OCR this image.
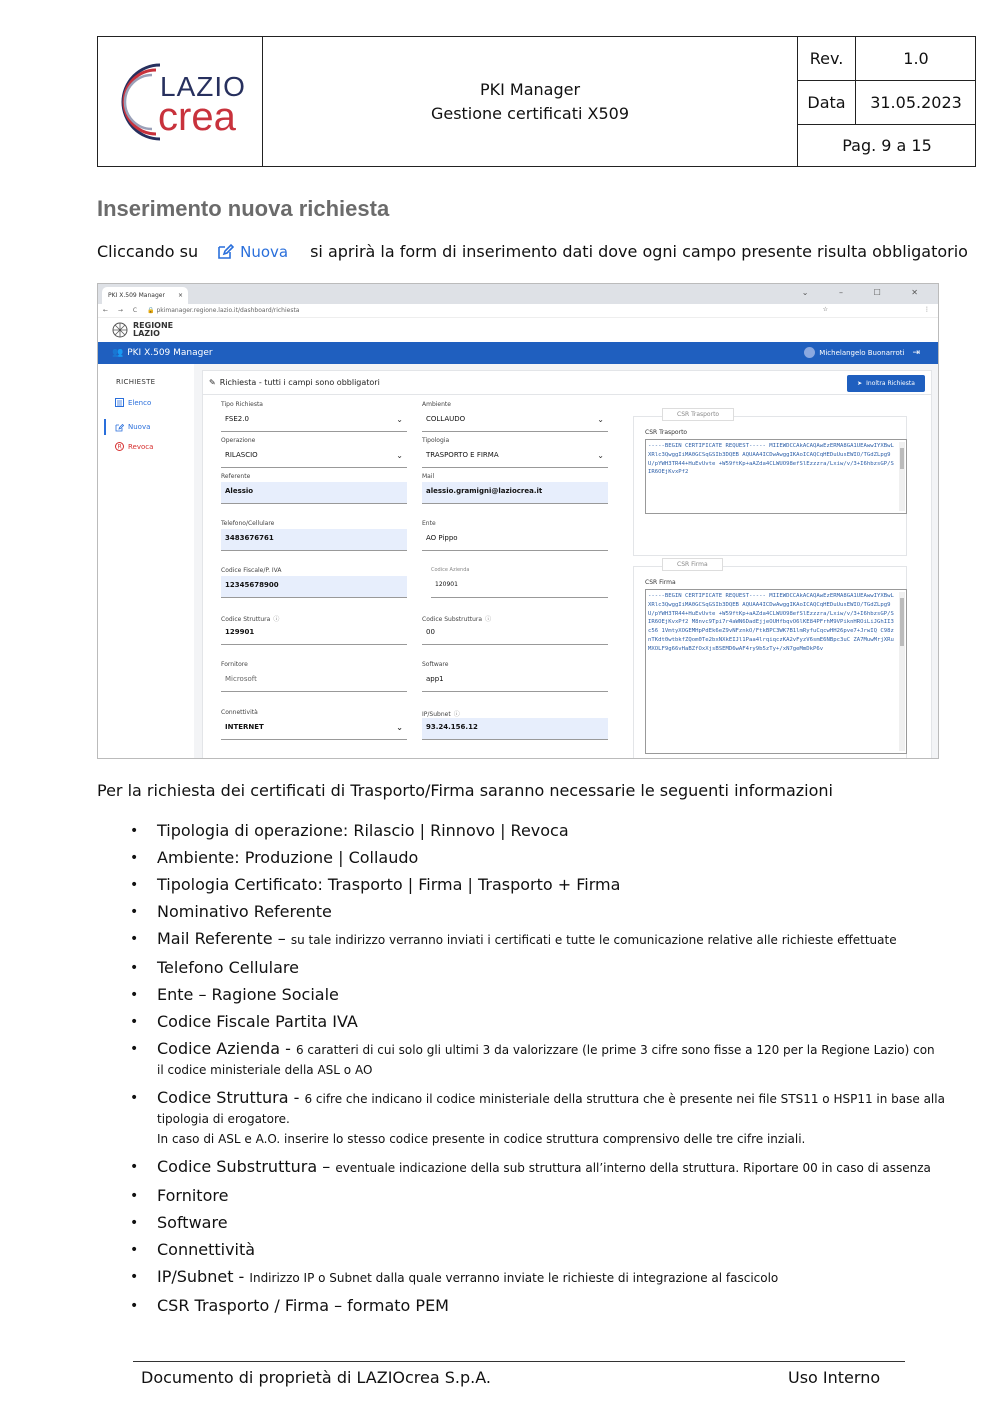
LAZIO
crea
PKI Manager
Gestione certificati X509
Rev.	1.0
Data	31.05.2023
Pag. 9 a 15
Inserimento nuova richiesta
Cliccando su	Nuova si aprirà la form di inserimento dati dove ogni campo presente risulta obbligatorio
PKI X.509 Manager ×	⌄ – ☐ ✕
← → C 🔒 pkimanager.regione.lazio.it/dashboard/richiesta	☆	⋮
REGIONE
LAZIO
👥 PKI X.509 Manager	Michelangelo Buonarroti ⇥
RICHIESTE
Elenco
Nuova
R Revoca
✎ Richiesta - tutti i campi sono obbligatori	➤ Inoltra Richiesta
Tipo Richiesta
FSE2.0 ⌄
Operazione
RILASCIO ⌄
Referente
Alessio
Telefono/Cellulare
3483676761
Codice Fiscale/P. IVA
12345678900
Codice Struttura ⓘ
129901
Fornitore
Microsoft
Connettività
INTERNET ⌄
Ambiente
COLLAUDO ⌄
Tipologia
TRASPORTO E FIRMA ⌄
Mail
alessio.gramigni@laziocrea.it
Ente
AO Pippo
Codice Azienda
120901
Codice Substruttura ⓘ
00
Software
app1
IP/Subnet ⓘ
93.24.156.12
CSR Trasporto
CSR Trasporto
-----BEGIN CERTIFICATE REQUEST----- MIIEWDCCAkACAQAwEzERMA8GA1UEAwwIYXBwLXRlc3QwggIiMA0GCSqGSIb3DQEB AQUAA4ICDwAwggIKAoICAQCqHEDuUusEWIO/TGdZLpg9U/pYWH3TR44+HuEvUvte +W59ftKp+aAZda4CLWUO98efSlEzzzra/Lxiw/v/3+I6hbzsGP/SIR6OEjKvxPf2
CSR Firma
CSR Firma
-----BEGIN CERTIFICATE REQUEST----- MIIEWDCCAkACAQAwEzERMA8GA1UEAwwIYXBwLXRlc3QwggIiMA0GCSqGSIb3DQEB AQUAA4ICDwAwggIKAoICAQCqHEDuUusEWIO/TGdZLpg9U/pYWH3TR44+HuEvUvte +W59ftKp+aAZda4CLWUO98efSlEzzzra/Lxiw/v/3+I6hbzsGP/SIR6OEjKvxPf2 M8nvc9Tpi7r4aWN6DadEjjeOUHfbqvO6lKE84PFrhM9VPiknHROiLiJGhII3c56 1VmtyXOGEMHpPdEk6eZ9vNFznkO/FtkBPC3WK7B1lmRyfuCqcwHH26pve7+JrwIQ C98znTKdt0wtbkfZQom0Te2bxNXkEIJl1Paa4lrqiqczKA2vFyzV6smE6NBpc3uC ZA7MuwMrjXRuMXOLF9g66vHaBZfOxXjsBSEMD6wAF4ry9b5zTy+/xN7geMmDkP6v
Per la richiesta dei certificati di Trasporto/Firma saranno necessarie le seguenti informazioni
• Tipologia di operazione: Rilascio | Rinnovo | Revoca
• Ambiente: Produzione | Collaudo
• Tipologia Certificato: Trasporto | Firma | Trasporto + Firma
• Nominativo Referente
• Mail Referente – su tale indirizzo verranno inviati i certificati e tutte le comunicazione relative alle richieste effettuate
• Telefono Cellulare
• Ente – Ragione Sociale
• Codice Fiscale Partita IVA
• Codice Azienda - 6 caratteri di cui solo gli ultimi 3 da valorizzare (le prime 3 cifre sono fisse a 120 per la Regione Lazio) con il codice ministeriale della ASL o AO
• Codice Struttura - 6 cifre che indicano il codice ministeriale della struttura che è presente nei file STS11 o HSP11 in base alla tipologia di erogatore.
In caso di ASL e A.O. inserire lo stesso codice presente in codice struttura comprensivo delle tre cifre inziali.
• Codice Substruttura – eventuale indicazione della sub struttura all’interno della struttura. Riportare 00 in caso di assenza
• Fornitore
• Software
• Connettività
• IP/Subnet - Indirizzo IP o Subnet dalla quale verranno inviate le richieste di integrazione al fascicolo
• CSR Trasporto / Firma – formato PEM
Documento di proprietà di LAZIOcrea S.p.A.	Uso Interno
